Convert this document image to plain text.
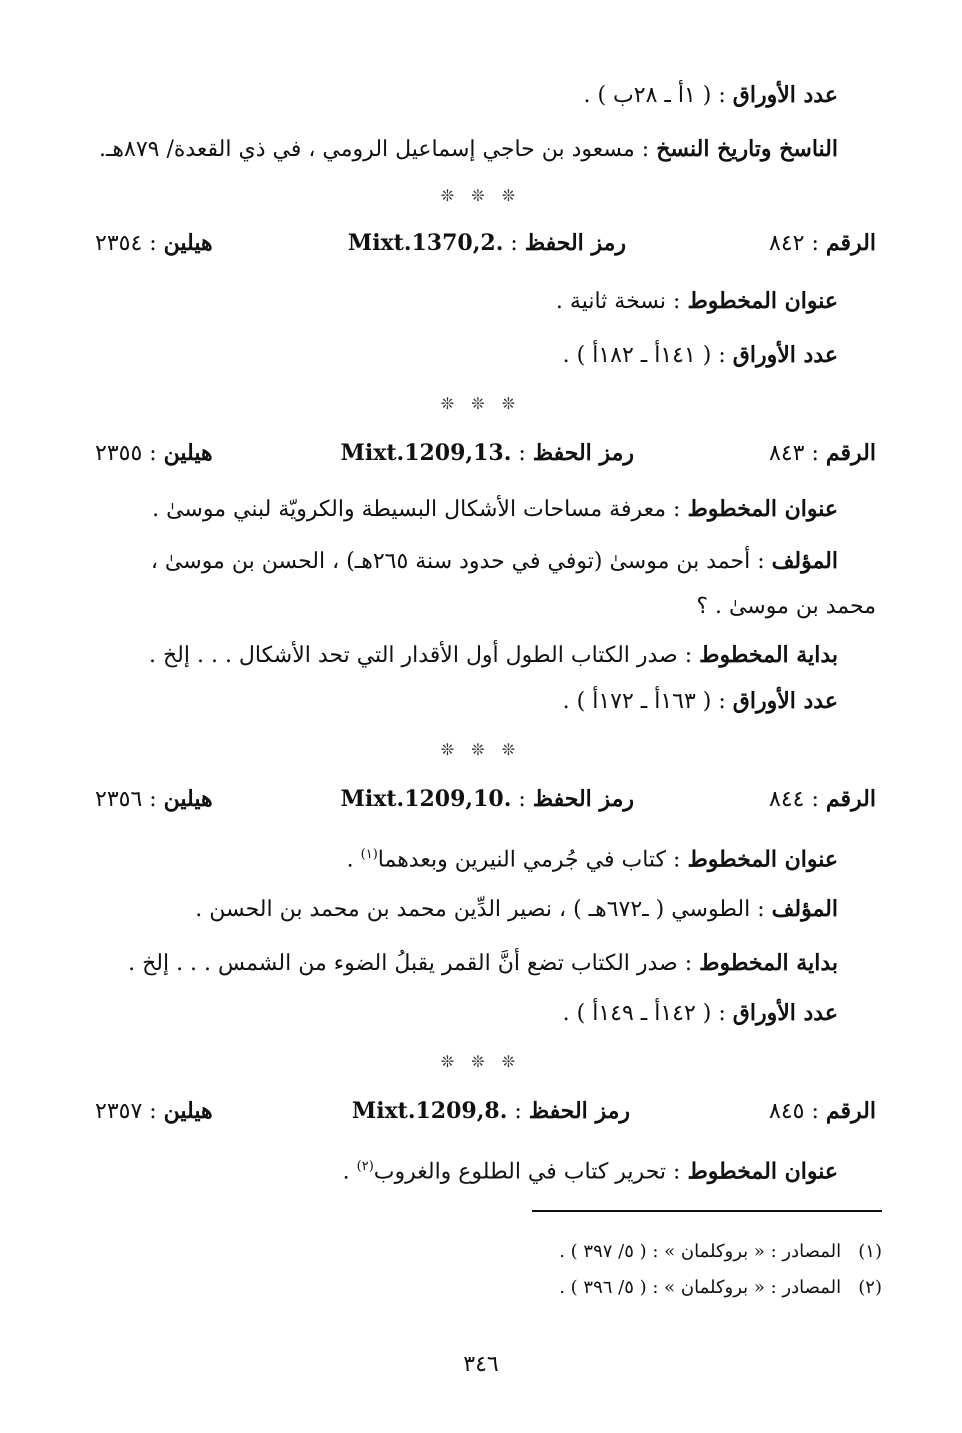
عدد الأوراق : ( ١أ ـ ٢٨ب ) .
الناسخ وتاريخ النسخ : مسعود بن حاجي إسماعيل الرومي ، في ذي القعدة/ ٨٧٩هـ.
❊ ❊ ❊
الرقم : ٨٤٢
رمز الحفظ : Mixt.1370,2.
هيلين : ٢٣٥٤
عنوان المخطوط : نسخة ثانية .
عدد الأوراق : ( ١٤١أ ـ ١٨٢أ ) .
❊ ❊ ❊
الرقم : ٨٤٣
رمز الحفظ : Mixt.1209,13.
هيلين : ٢٣٥٥
عنوان المخطوط : معرفة مساحات الأشكال البسيطة والكرويّة لبني موسىٰ .
المؤلف : أحمد بن موسىٰ (توفي في حدود سنة ٢٦٥هـ) ، الحسن بن موسىٰ ،
محمد بن موسىٰ . ؟
بداية المخطوط : صدر الكتاب الطول أول الأقدار التي تحد الأشكال . . . إلخ .
عدد الأوراق : ( ١٦٣أ ـ ١٧٢أ ) .
❊ ❊ ❊
الرقم : ٨٤٤
رمز الحفظ : Mixt.1209,10.
هيلين : ٢٣٥٦
عنوان المخطوط : كتاب في جُرمي النيرين وبعدهما$^{(١)}$ .
المؤلف : الطوسي ( ـ٦٧٢هـ ) ، نصير الدِّين محمد بن محمد بن الحسن .
بداية المخطوط : صدر الكتاب تضع أنَّ القمر يقبلُ الضوء من الشمس . . . إلخ .
عدد الأوراق : ( ١٤٢أ ـ ١٤٩أ ) .
❊ ❊ ❊
الرقم : ٨٤٥
رمز الحفظ : Mixt.1209,8.
هيلين : ٢٣٥٧
عنوان المخطوط : تحرير كتاب في الطلوع والغروب$^{(٢)}$ .
(١)   المصادر : « بروكلمان » : ( ٥/ ٣٩٧ ) .
(٢)   المصادر : « بروكلمان » : ( ٥/ ٣٩٦ ) .
٣٤٦
